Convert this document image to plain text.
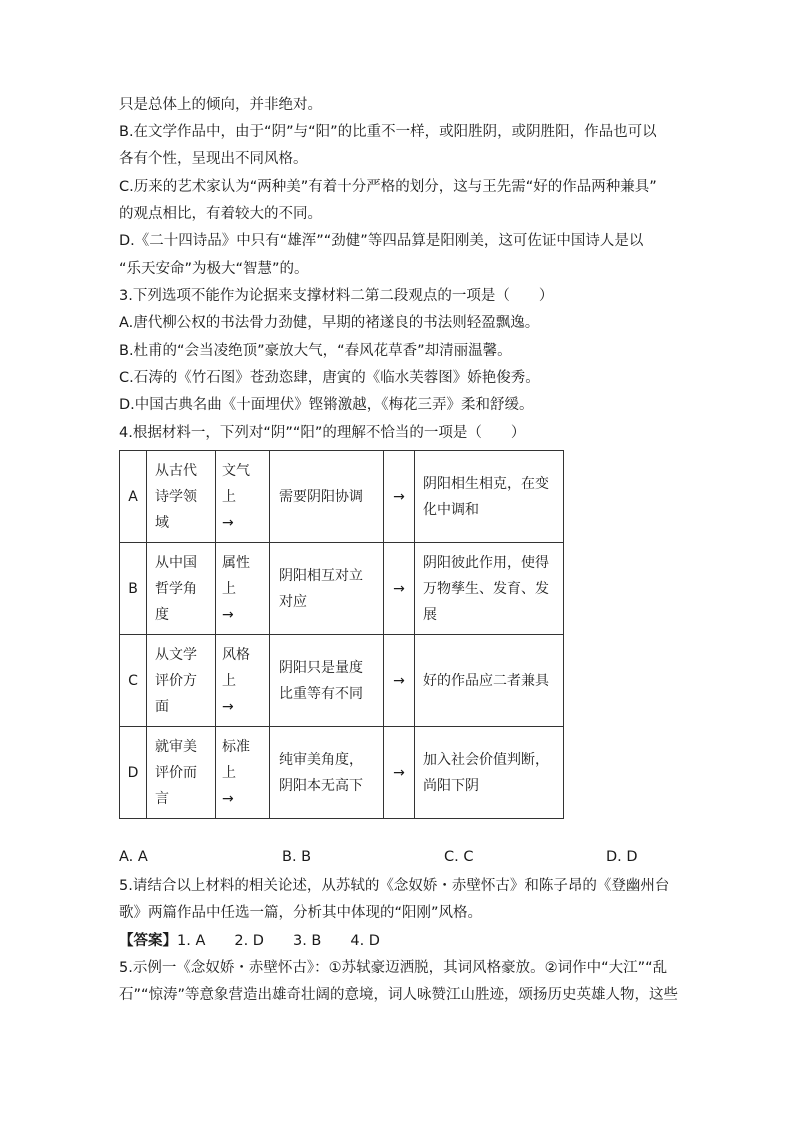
只是总体上的倾向，并非绝对。
B.在文学作品中，由于“阴”与“阳”的比重不一样，或阳胜阴，或阴胜阳，作品也可以
各有个性，呈现出不同风格。
C.历来的艺术家认为“两种美”有着十分严格的划分，这与王先需“好的作品两种兼具”
的观点相比，有着较大的不同。
D.《二十四诗品》中只有“雄浑”“劲健”等四品算是阳刚美，这可佐证中国诗人是以
“乐天安命”为极大“智慧”的。
3.下列选项不能作为论据来支撑材料二第二段观点的一项是（　　）
A.唐代柳公权的书法骨力劲健，早期的褚遂良的书法则轻盈飘逸。
B.杜甫的“会当凌绝顶”豪放大气，“春风花草香”却清丽温馨。
C.石涛的《竹石图》苍劲恣肆，唐寅的《临水芙蓉图》娇艳俊秀。
D.中国古典名曲《十面埋伏》铿锵激越，《梅花三弄》柔和舒缓。
4.根据材料一，下列对“阴”“阳”的理解不恰当的一项是（　　）
A	从古代
诗学领
域	文气
上
→	需要阴阳协调	→	阴阳相生相克，在变
化中调和
B	从中国
哲学角
度	属性
上
→	阴阳相互对立
对应	→	阴阳彼此作用，使得
万物孳生、发育、发
展
C	从文学
评价方
面	风格
上
→	阴阳只是量度
比重等有不同	→	好的作品应二者兼具
D	就审美
评价而
言	标准
上
→	纯审美角度，
阴阳本无高下	→	加入社会价值判断，
尚阳下阴
A. A	B. B	C. C	D. D
5.请结合以上材料的相关论述，从苏轼的《念奴娇・赤壁怀古》和陈子昂的《登幽州台
歌》两篇作品中任选一篇，分析其中体现的“阳刚”风格。
【答案】1. A　　2. D　　3. B　　4. D
5.示例一《念奴娇・赤壁怀古》：①苏轼豪迈洒脱，其词风格豪放。②词作中“大江”“乱
石”“惊涛”等意象营造出雄奇壮阔的意境，词人咏赞江山胜迹，颂扬历史英雄人物，这些
